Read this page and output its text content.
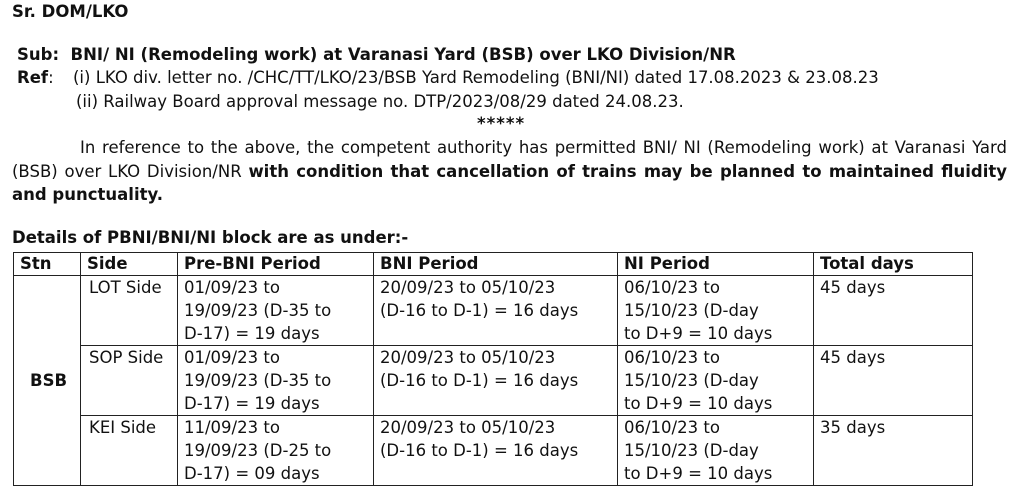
Sr. DOM/LKO
Sub: BNI/ NI (Remodeling work) at Varanasi Yard (BSB) over LKO Division/NR
Ref: (i) LKO div. letter no. /CHC/TT/LKO/23/BSB Yard Remodeling (BNI/NI) dated 17.08.2023 & 23.08.23
(ii) Railway Board approval message no. DTP/2023/08/29 dated 24.08.23.
*****
In reference to the above, the competent authority has permitted BNI/ NI (Remodeling work) at Varanasi Yard (BSB) over LKO Division/NR with condition that cancellation of trains may be planned to maintained fluidity and punctuality.
Details of PBNI/BNI/NI block are as under:-
Stn	Side	Pre-BNI Period	BNI Period	NI Period	Total days
BSB	LOT Side	01/09/23 to
19/09/23 (D-35 to
D-17) = 19 days	20/09/23 to 05/10/23
(D-16 to D-1) = 16 days	06/10/23 to
15/10/23 (D-day
to D+9 = 10 days	45 days
	SOP Side	01/09/23 to
19/09/23 (D-35 to
D-17) = 19 days	20/09/23 to 05/10/23
(D-16 to D-1) = 16 days	06/10/23 to
15/10/23 (D-day
to D+9 = 10 days	45 days
	KEI Side	11/09/23 to
19/09/23 (D-25 to
D-17) = 09 days	20/09/23 to 05/10/23
(D-16 to D-1) = 16 days	06/10/23 to
15/10/23 (D-day
to D+9 = 10 days	35 days
